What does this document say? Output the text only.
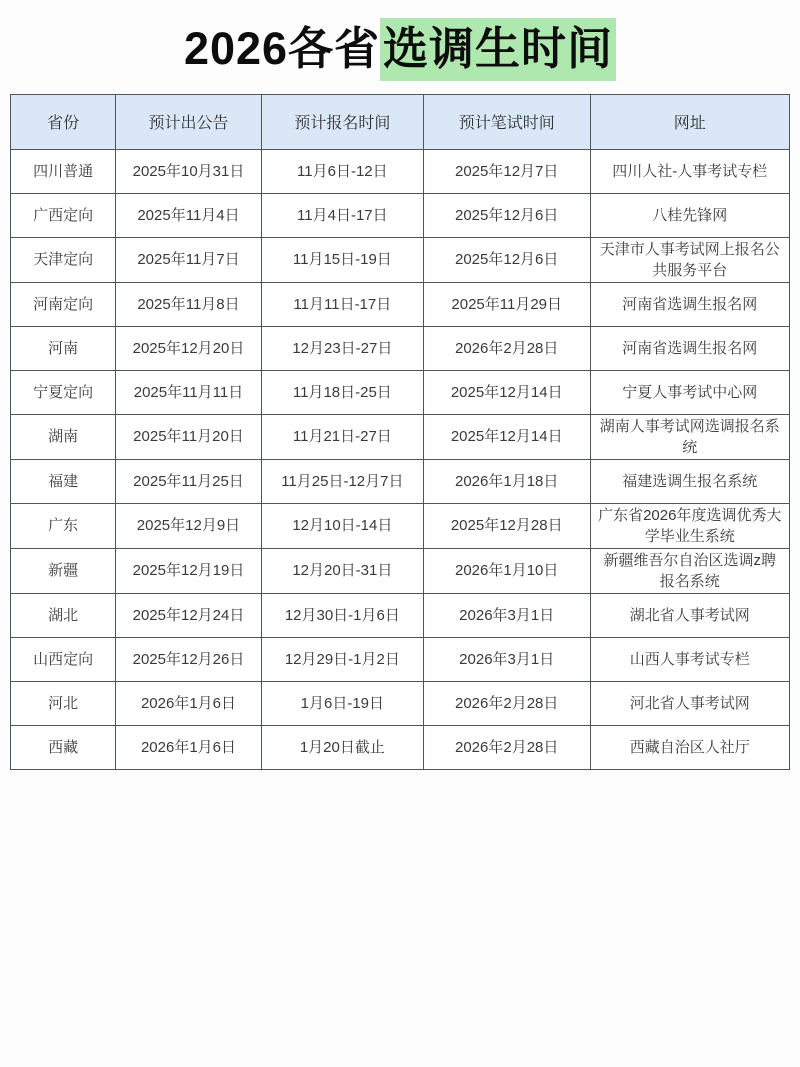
2026各省选调生时间
省份	预计出公告	预计报名时间	预计笔试时间	网址
四川普通	2025年10月31日	11月6日-12日	2025年12月7日	四川人社-人事考试专栏
广西定向	2025年11月4日	11月4日-17日	2025年12月6日	八桂先锋网
天津定向	2025年11月7日	11月15日-19日	2025年12月6日	天津市人事考试网上报名公共服务平台
河南定向	2025年11月8日	11月11日-17日	2025年11月29日	河南省选调生报名网
河南	2025年12月20日	12月23日-27日	2026年2月28日	河南省选调生报名网
宁夏定向	2025年11月11日	11月18日-25日	2025年12月14日	宁夏人事考试中心网
湖南	2025年11月20日	11月21日-27日	2025年12月14日	湖南人事考试网选调报名系统
福建	2025年11月25日	11月25日-12月7日	2026年1月18日	福建选调生报名系统
广东	2025年12月9日	12月10日-14日	2025年12月28日	广东省2026年度选调优秀大学毕业生系统
新疆	2025年12月19日	12月20日-31日	2026年1月10日	新疆维吾尔自治区选调z聘报名系统
湖北	2025年12月24日	12月30日-1月6日	2026年3月1日	湖北省人事考试网
山西定向	2025年12月26日	12月29日-1月2日	2026年3月1日	山西人事考试专栏
河北	2026年1月6日	1月6日-19日	2026年2月28日	河北省人事考试网
西藏	2026年1月6日	1月20日截止	2026年2月28日	西藏自治区人社厅
